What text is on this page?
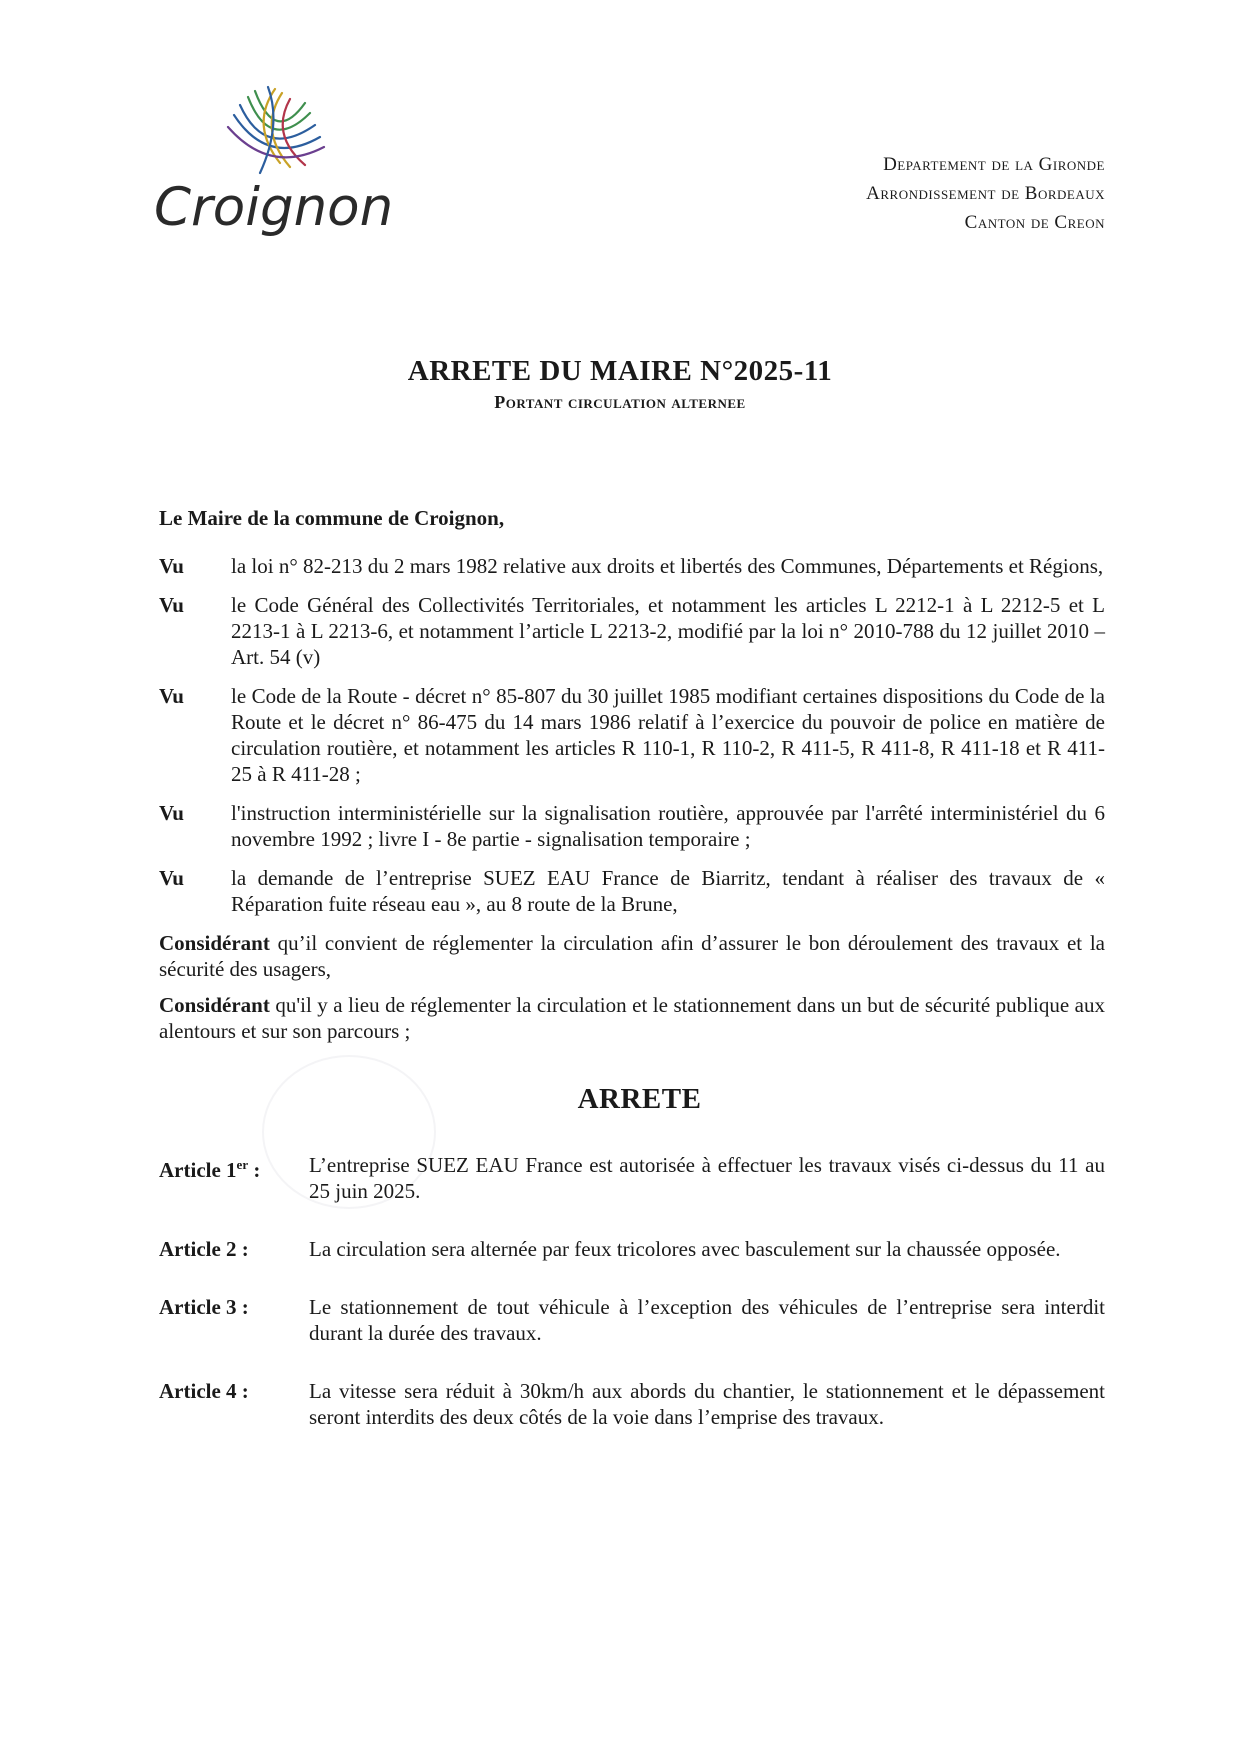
Croignon
Departement de la Gironde
Arrondissement de Bordeaux
Canton de Creon
ARRETE DU MAIRE N°2025-11
Portant circulation alternee
Le Maire de la commune de Croignon,
Vu	la loi n° 82-213 du 2 mars 1982 relative aux droits et libertés des Communes, Départements et Régions,
Vu	le Code Général des Collectivités Territoriales, et notamment les articles L 2212-1 à L 2212-5 et L 2213-1 à L 2213-6, et notamment l’article L 2213-2, modifié par la loi n° 2010-788 du 12 juillet 2010 – Art. 54 (v)
Vu	le Code de la Route - décret n° 85-807 du 30 juillet 1985 modifiant certaines dispositions du Code de la Route et le décret n° 86-475 du 14 mars 1986 relatif à l’exercice du pouvoir de police en matière de circulation routière, et notamment les articles R 110-1, R 110-2, R 411-5, R 411-8, R 411-18 et R 411-25 à R 411-28 ;
Vu	l'instruction interministérielle sur la signalisation routière, approuvée par l'arrêté interministériel du 6 novembre 1992 ; livre I - 8e partie - signalisation temporaire ;
Vu	la demande de l’entreprise SUEZ EAU France de Biarritz, tendant à réaliser des travaux de « Réparation fuite réseau eau », au 8 route de la Brune,
Considérant qu’il convient de réglementer la circulation afin d’assurer le bon déroulement des travaux et la sécurité des usagers,
Considérant qu'il y a lieu de réglementer la circulation et le stationnement dans un but de sécurité publique aux alentours et sur son parcours ;
ARRETE
Article 1er :	L’entreprise SUEZ EAU France est autorisée à effectuer les travaux visés ci-dessus du 11 au 25 juin 2025.
Article 2 :	La circulation sera alternée par feux tricolores avec basculement sur la chaussée opposée.
Article 3 :	Le stationnement de tout véhicule à l’exception des véhicules de l’entreprise sera interdit durant la durée des travaux.
Article 4 :	La vitesse sera réduit à 30km/h aux abords du chantier, le stationnement et le dépassement seront interdits des deux côtés de la voie dans l’emprise des travaux.
